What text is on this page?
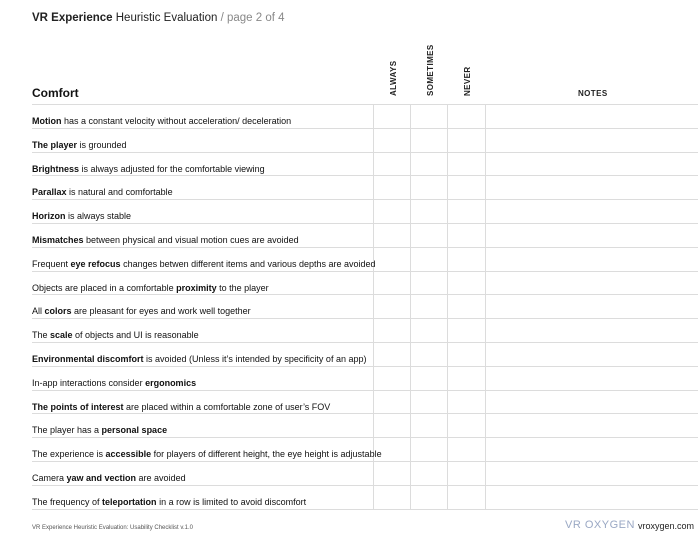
VR Experience Heuristic Evaluation / page 2 of 4
ALWAYS	SOMETIMES	NEVER	NOTES
Comfort
Motion has a constant velocity without acceleration/ deceleration
The player is grounded
Brightness is always adjusted for the comfortable viewing
Parallax is natural and comfortable
Horizon is always stable
Mismatches between physical and visual motion cues are avoided
Frequent eye refocus changes betwen different items and various depths are avoided
Objects are placed in a comfortable proximity to the player
All colors are pleasant for eyes and work well together
The scale of objects and UI is reasonable
Environmental discomfort is avoided (Unless it’s intended by specificity of an app)
In-app interactions consider ergonomics
The points of interest are placed within a comfortable zone of user’s FOV
The player has a personal space
The experience is accessible for players of different height, the eye height is adjustable
Camera yaw and vection are avoided
The frequency of teleportation in a row is limited to avoid discomfort
VR Experience Heuristic Evaluation: Usability Checklist v.1.0	VR OXYGEN vroxygen.com
